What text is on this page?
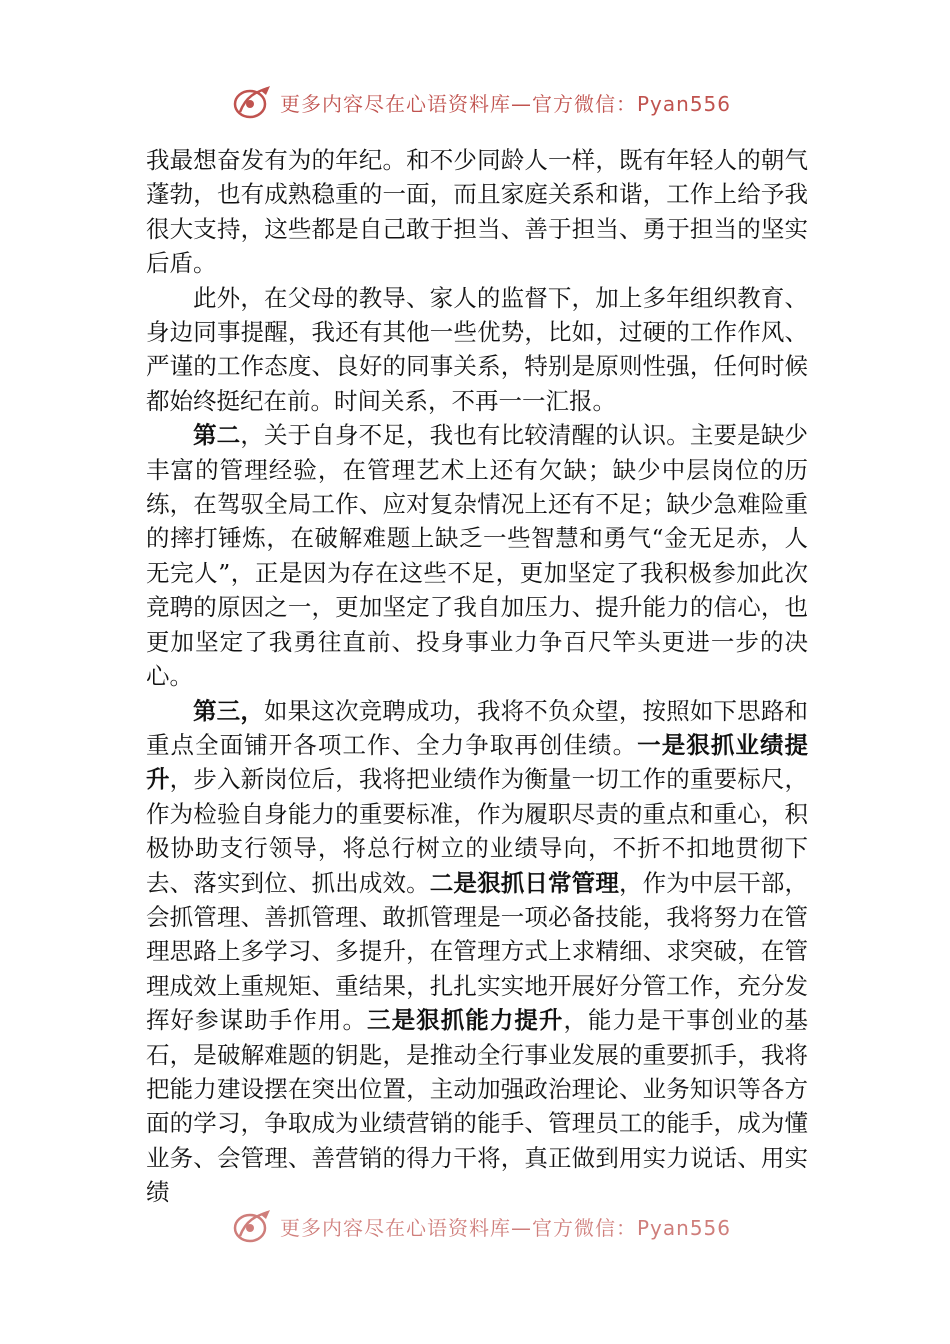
更多内容尽在心语资料库—官方微信：Pyan556

我最想奋发有为的年纪。和不少同龄人一样，既有年轻人的朝气蓬勃，也有成熟稳重的一面，而且家庭关系和谐，工作上给予我很大支持，这些都是自己敢于担当、善于担当、勇于担当的坚实后盾。

此外，在父母的教导、家人的监督下，加上多年组织教育、身边同事提醒，我还有其他一些优势，比如，过硬的工作作风、严谨的工作态度、良好的同事关系，特别是原则性强，任何时候都始终挺纪在前。时间关系，不再一一汇报。

第二，关于自身不足，我也有比较清醒的认识。主要是缺少丰富的管理经验，在管理艺术上还有欠缺；缺少中层岗位的历练，在驾驭全局工作、应对复杂情况上还有不足；缺少急难险重的摔打锤炼，在破解难题上缺乏一些智慧和勇气“金无足赤，人无完人”，正是因为存在这些不足，更加坚定了我积极参加此次竞聘的原因之一，更加坚定了我自加压力、提升能力的信心，也更加坚定了我勇往直前、投身事业力争百尺竿头更进一步的决心。

第三，如果这次竞聘成功，我将不负众望，按照如下思路和重点全面铺开各项工作、全力争取再创佳绩。一是狠抓业绩提升，步入新岗位后，我将把业绩作为衡量一切工作的重要标尺，作为检验自身能力的重要标准，作为履职尽责的重点和重心，积极协助支行领导，将总行树立的业绩导向，不折不扣地贯彻下去、落实到位、抓出成效。二是狠抓日常管理，作为中层干部，会抓管理、善抓管理、敢抓管理是一项必备技能，我将努力在管理思路上多学习、多提升，在管理方式上求精细、求突破，在管理成效上重规矩、重结果，扎扎实实地开展好分管工作，充分发挥好参谋助手作用。三是狠抓能力提升，能力是干事创业的基石，是破解难题的钥匙，是推动全行事业发展的重要抓手，我将把能力建设摆在突出位置，主动加强政治理论、业务知识等各方面的学习，争取成为业绩营销的能手、管理员工的能手，成为懂业务、会管理、善营销的得力干将，真正做到用实力说话、用实绩

更多内容尽在心语资料库—官方微信：Pyan556
